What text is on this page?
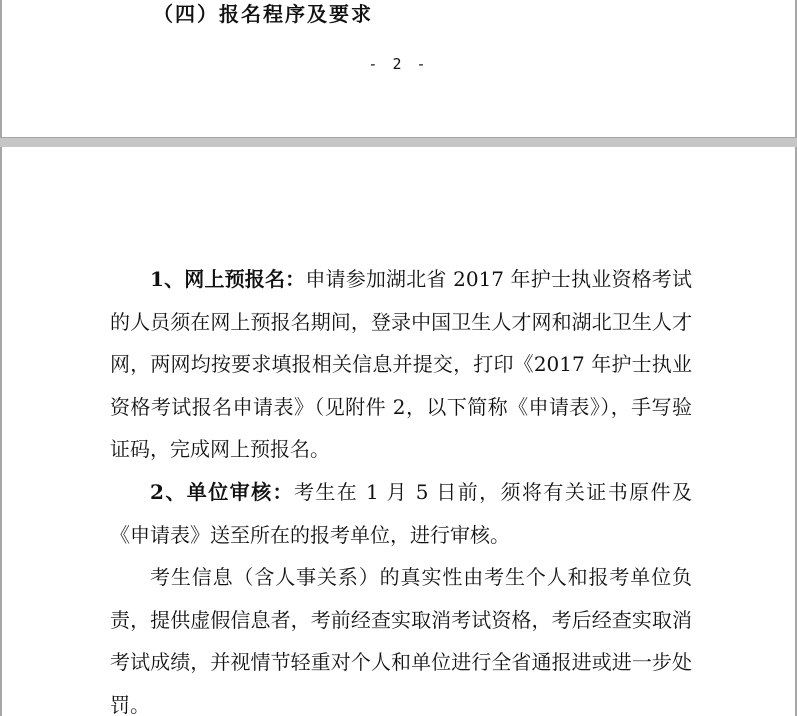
（四）报名程序及要求
- 2 -

1、网上预报名：申请参加湖北省 2017 年护士执业资格考试的人员须在网上预报名期间，登录中国卫生人才网和湖北卫生人才网，两网均按要求填报相关信息并提交，打印《2017 年护士执业资格考试报名申请表》（见附件 2，以下简称《申请表》），手写验证码，完成网上预报名。

2、单位审核：考生在 1 月 5 日前，须将有关证书原件及《申请表》送至所在的报考单位，进行审核。

考生信息（含人事关系）的真实性由考生个人和报考单位负责，提供虚假信息者，考前经查实取消考试资格，考后经查实取消考试成绩，并视情节轻重对个人和单位进行全省通报进或进一步处罚。
